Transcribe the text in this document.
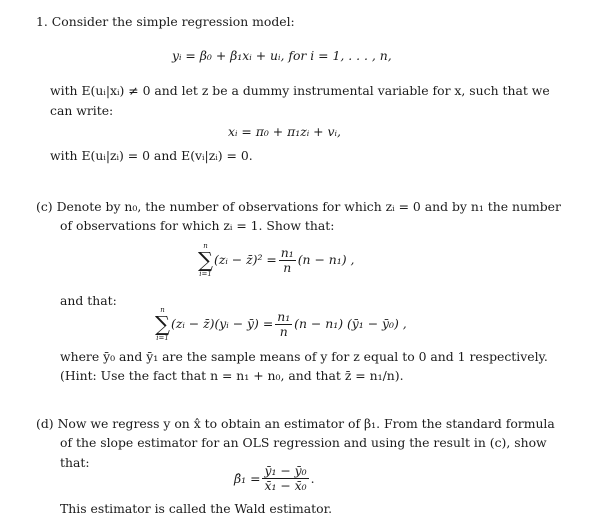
1. Consider the simple regression model:
yᵢ = β₀ + β₁xᵢ + uᵢ, for i = 1, . . . , n,
with E(uᵢ|xᵢ) ≠ 0 and let z be a dummy instrumental variable for x, such that we
can write:
xᵢ = π₀ + π₁zᵢ + vᵢ,
with E(uᵢ|zᵢ) = 0 and E(vᵢ|zᵢ) = 0.
(c) Denote by n₀, the number of observations for which zᵢ = 0 and by n₁ the number
of observations for which zᵢ = 1. Show that:
n
∑
i=1
(zᵢ − z̄)² = $\frac{\text{n₁}}{n} (n - n_1)$ ,
and that:
n
∑
i=1
(zᵢ − z̄)(yᵢ − ȳ) = $\frac{\text{n₁}}{n} (n - n_1)$ (ȳ₁ − ȳ₀) ,
where ȳ₀ and ȳ₁ are the sample means of y for z equal to 0 and 1 respectively.
(Hint: Use the fact that n = n₁ + n₀, and that z̄ = n₁/n).
(d) Now we regress y on x̂ to obtain an estimator of β₁. From the standard formula
of the slope estimator for an OLS regression and using the result in (c), show
that:
β̂₁ = $\frac{\text{ȳ₁ − ȳ₀}}{\text{x̄₁ − x̄₀}}$ .
This estimator is called the Wald estimator.
